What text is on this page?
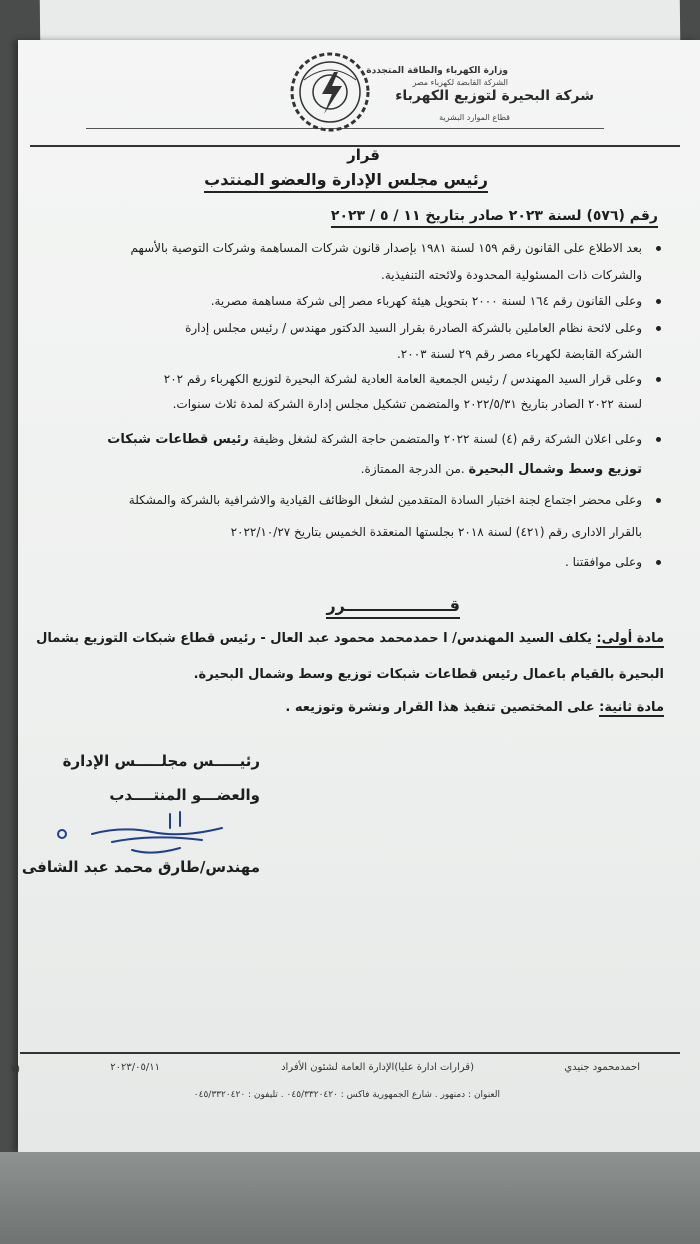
وزارة الكهرباء والطاقة المتجددة
الشركة القابضة لكهرباء مصر
شركة البحيرة لتوزيع الكهرباء
قطاع الموارد البشرية
قرار
رئيس مجلس الإدارة والعضو المنتدب
رقم (٥٧٦) لسنة ٢٠٢٣ صادر بتاريخ ١١ / ٥ / ٢٠٢٣
بعد الاطلاع على القانون رقم ١٥٩ لسنة ١٩٨١ بإصدار قانون شركات المساهمة وشركات التوصية بالأسهم
والشركات ذات المسئولية المحدودة ولائحته التنفيذية.
وعلى القانون رقم ١٦٤ لسنة ٢٠٠٠ بتحويل هيئة كهرباء مصر إلى شركة مساهمة مصرية.
وعلى لائحة نظام العاملين بالشركة الصادرة بقرار السيد الدكتور مهندس / رئيس مجلس إدارة
الشركة القابضة لكهرباء مصر رقم ٢٩ لسنة ٢٠٠٣.
وعلى قرار السيد المهندس / رئيس الجمعية العامة العادية لشركة البحيرة لتوزيع الكهرباء رقم ٢٠٢
لسنة ٢٠٢٢ الصادر بتاريخ ٢٠٢٢/٥/٣١ والمتضمن تشكيل مجلس إدارة الشركة لمدة ثلاث سنوات.
وعلى اعلان الشركة رقم (٤) لسنة ٢٠٢٢ والمتضمن حاجة الشركة لشغل وظيفة رئيس قطاعات شبكات
توزيع وسط وشمال البحيرة .من الدرجة الممتازة.
وعلى محضر اجتماع لجنة اختبار السادة المتقدمين لشغل الوظائف القيادية والاشرافية بالشركة والمشكلة
بالقرار الادارى رقم (٤٢١) لسنة ٢٠١٨ بجلستها المنعقدة الخميس بتاريخ ٢٠٢٢/١٠/٢٧
وعلى موافقتنا .
قـــــــــــــــــــرر
مادة أولى: يكلف السيد المهندس/ ا حمدمحمد محمود عبد العال - رئيس قطاع شبكات التوزيع بشمال
البحيرة بالقيام باعمال رئيس قطاعات شبكات توزيع وسط وشمال البحيرة.
مادة ثانية: على المختصين تنفيذ هذا القرار ونشرة وتوزيعه .
رئيـــــس مجلـــــس الإدارة
والعضـــو المنتــــدب
مهندس/طارق محمد عبد الشافى
احمدمحمود جنيدي
(قرارات ادارة عليا)الإدارة العامة لشئون الأفراد
٢٠٢٣/٠٥/١١
(٧
العنوان : دمنهور . شارع الجمهورية فاكس : ٠٤٥/٣٣٢٠٤٢٠ . تليفون : ٠٤٥/٣٣٢٠٤٢٠
